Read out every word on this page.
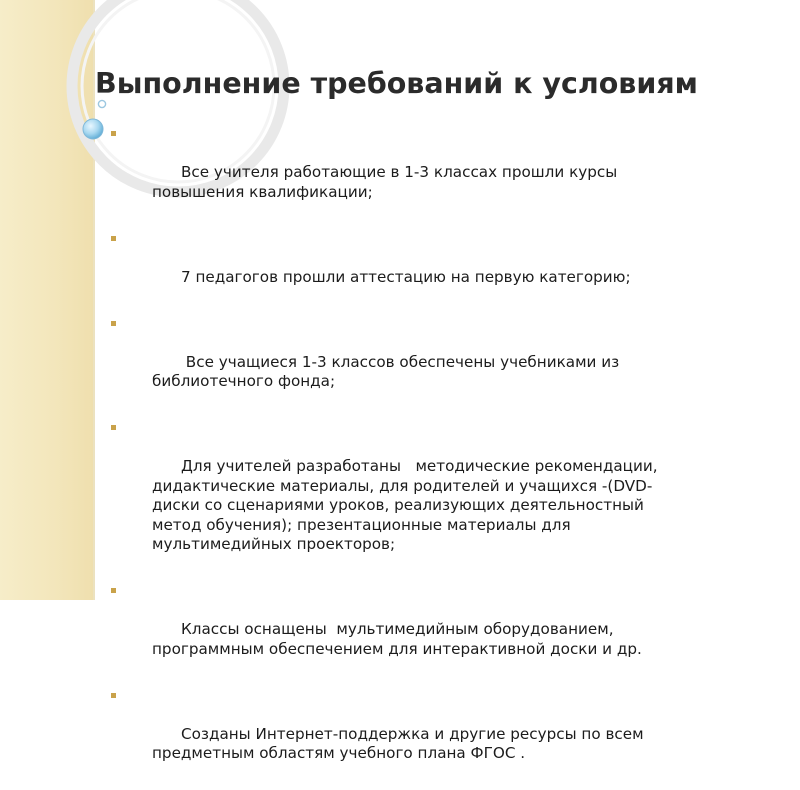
Выполнение требований к условиям

Все учителя работающие в 1-3 классах прошли курсы
повышения квалификации;

7 педагогов прошли аттестацию на первую категорию;

Все учащиеся 1-3 классов обеспечены учебниками из
библиотечного фонда;

Для учителей разработаны   методические рекомендации,
дидактические материалы, для родителей и учащихся -(DVD-
диски со сценариями уроков, реализующих деятельностный
метод обучения); презентационные материалы для
мультимедийных проекторов;

Классы оснащены  мультимедийным оборудованием,
программным обеспечением для интерактивной доски и др.

Созданы Интернет-поддержка и другие ресурсы по всем
предметным областям учебного плана ФГОС .
